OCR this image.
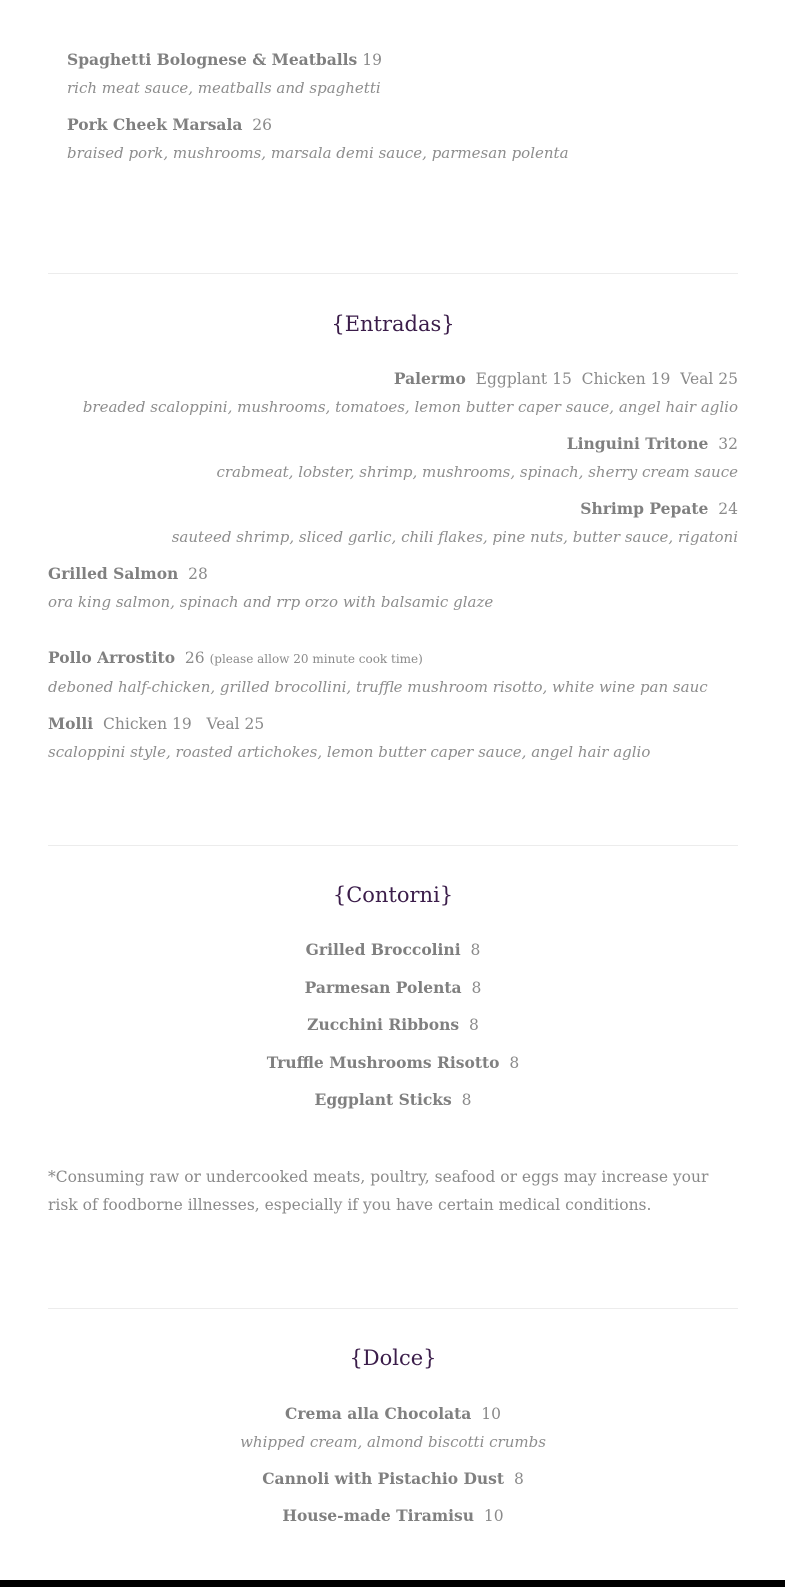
Spaghetti Bolognese & Meatballs 19
rich meat sauce, meatballs and spaghetti
Pork Cheek Marsala 26
braised pork, mushrooms, marsala demi sauce, parmesan polenta
{Entradas}
Palermo Eggplant 15  Chicken 19  Veal 25
breaded scaloppini, mushrooms, tomatoes, lemon butter caper sauce, angel hair aglio
Linguini Tritone 32
crabmeat, lobster, shrimp, mushrooms, spinach, sherry cream sauce
Shrimp Pepate 24
sauteed shrimp, sliced garlic, chili flakes, pine nuts, butter sauce, rigatoni
Grilled Salmon 28
ora king salmon, spinach and rrp orzo with balsamic glaze
Pollo Arrostito 26 (please allow 20 minute cook time)
deboned half-chicken, grilled brocollini, truffle mushroom risotto, white wine pan sauc
Molli Chicken 19   Veal 25
scaloppini style, roasted artichokes, lemon butter caper sauce, angel hair aglio
{Contorni}
Grilled Broccolini 8
Parmesan Polenta 8
Zucchini Ribbons 8
Truffle Mushrooms Risotto 8
Eggplant Sticks 8
*Consuming raw or undercooked meats, poultry, seafood or eggs may increase your risk of foodborne illnesses, especially if you have certain medical conditions.
{Dolce}
Crema alla Chocolata 10
whipped cream, almond biscotti crumbs
Cannoli with Pistachio Dust 8
House-made Tiramisu 10
